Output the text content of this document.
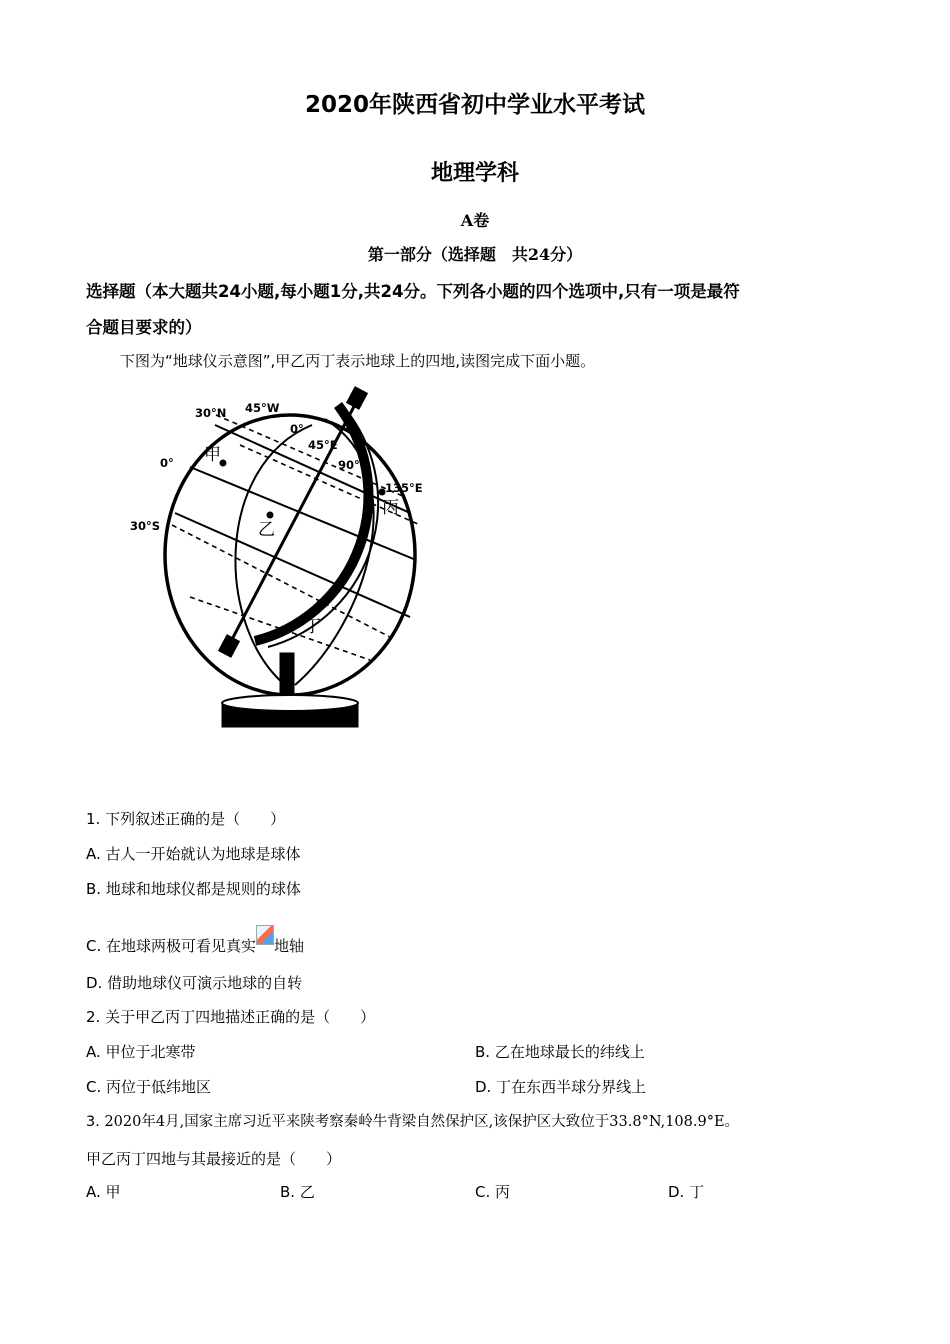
2020年陕西省初中学业水平考试
地理学科
A卷
第一部分（选择题　共24分）
选择题（本大题共24小题,每小题1分,共24分。下列各小题的四个选项中,只有一项是最符
合题目要求的）
下图为“地球仪示意图”,甲乙丙丁表示地球上的四地,读图完成下面小题。
30°N 45°W
0°
45°E
90°E
135°E
0°
30°S
甲
乙
丙
丁
1. 下列叙述正确的是（　　）
A. 古人一开始就认为地球是球体
B. 地球和地球仪都是规则的球体
C. 在地球两极可看见真实 地轴
D. 借助地球仪可演示地球的自转
2. 关于甲乙丙丁四地描述正确的是（　　）
A. 甲位于北寒带	B. 乙在地球最长的纬线上
C. 丙位于低纬地区	D. 丁在东西半球分界线上
3. 2020年4月,国家主席习近平来陕考察秦岭牛背梁自然保护区,该保护区大致位于33.8°N,108.9°E。
甲乙丙丁四地与其最接近的是（　　）
A. 甲	B. 乙	C. 丙	D. 丁
